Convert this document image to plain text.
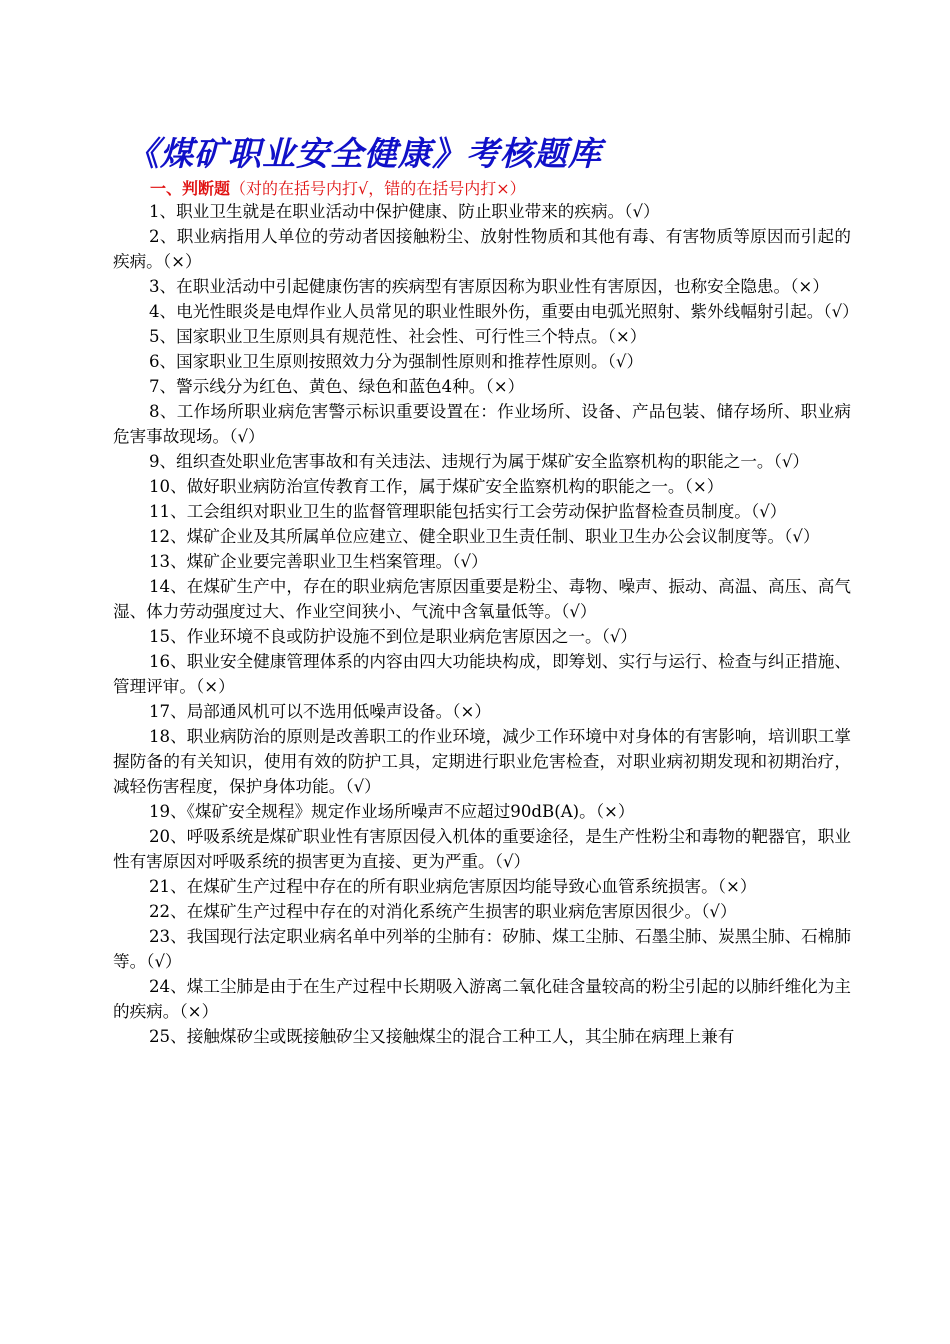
《煤矿职业安全健康》考核题库

一、判断题（对的在括号内打√，错的在括号内打×）

1、职业卫生就是在职业活动中保护健康、防止职业带来的疾病。（√）
2、职业病指用人单位的劳动者因接触粉尘、放射性物质和其他有毒、有害物质等原因而引起的疾病。（×）
3、在职业活动中引起健康伤害的疾病型有害原因称为职业性有害原因，也称安全隐患。（×）
4、电光性眼炎是电焊作业人员常见的职业性眼外伤，重要由电弧光照射、紫外线幅射引起。（√）
5、国家职业卫生原则具有规范性、社会性、可行性三个特点。（×）
6、国家职业卫生原则按照效力分为强制性原则和推荐性原则。（√）
7、警示线分为红色、黄色、绿色和蓝色4种。（×）
8、工作场所职业病危害警示标识重要设置在：作业场所、设备、产品包装、储存场所、职业病危害事故现场。（√）
9、组织查处职业危害事故和有关违法、违规行为属于煤矿安全监察机构的职能之一。（√）
10、做好职业病防治宣传教育工作，属于煤矿安全监察机构的职能之一。（×）
11、工会组织对职业卫生的监督管理职能包括实行工会劳动保护监督检查员制度。（√）
12、煤矿企业及其所属单位应建立、健全职业卫生责任制、职业卫生办公会议制度等。（√）
13、煤矿企业要完善职业卫生档案管理。（√）
14、在煤矿生产中，存在的职业病危害原因重要是粉尘、毒物、噪声、振动、高温、高压、高气湿、体力劳动强度过大、作业空间狭小、气流中含氧量低等。（√）
15、作业环境不良或防护设施不到位是职业病危害原因之一。（√）
16、职业安全健康管理体系的内容由四大功能块构成，即筹划、实行与运行、检查与纠正措施、管理评审。（×）
17、局部通风机可以不选用低噪声设备。（×）
18、职业病防治的原则是改善职工的作业环境，减少工作环境中对身体的有害影响，培训职工掌握防备的有关知识，使用有效的防护工具，定期进行职业危害检查，对职业病初期发现和初期治疗，减轻伤害程度，保护身体功能。（√）
19、《煤矿安全规程》规定作业场所噪声不应超过90dB(A)。（×）
20、呼吸系统是煤矿职业性有害原因侵入机体的重要途径，是生产性粉尘和毒物的靶器官，职业性有害原因对呼吸系统的损害更为直接、更为严重。（√）
21、在煤矿生产过程中存在的所有职业病危害原因均能导致心血管系统损害。（×）
22、在煤矿生产过程中存在的对消化系统产生损害的职业病危害原因很少。（√）
23、我国现行法定职业病名单中列举的尘肺有：矽肺、煤工尘肺、石墨尘肺、炭黑尘肺、石棉肺等。（√）
24、煤工尘肺是由于在生产过程中长期吸入游离二氧化硅含量较高的粉尘引起的以肺纤维化为主的疾病。（×）
25、接触煤矽尘或既接触矽尘又接触煤尘的混合工种工人，其尘肺在病理上兼有
